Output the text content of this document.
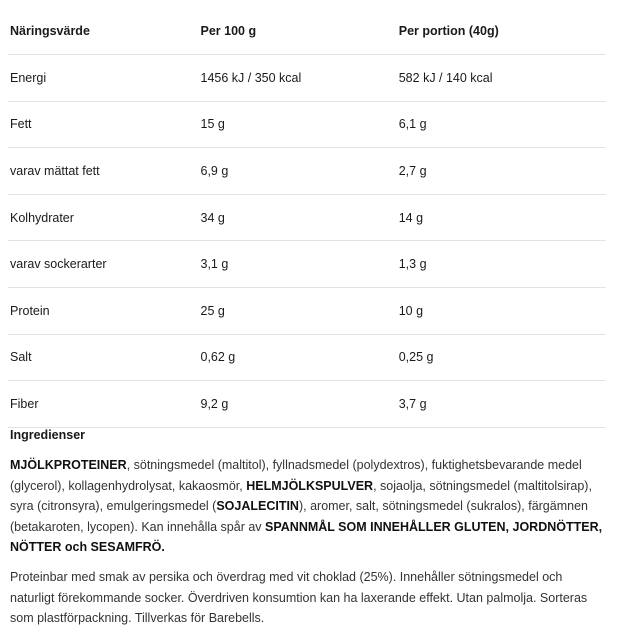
Näringsvärde	Per 100 g	Per portion (40g)
Energi	1456 kJ / 350 kcal	582 kJ / 140 kcal
Fett	15 g	6,1 g
varav mättat fett	6,9 g	2,7 g
Kolhydrater	34 g	14 g
varav sockerarter	3,1 g	1,3 g
Protein	25 g	10 g
Salt	0,62 g	0,25 g
Fiber	9,2 g	3,7 g
Ingredienser

MJÖLKPROTEINER, sötningsmedel (maltitol), fyllnadsmedel (polydextros), fuktighetsbevarande medel (glycerol), kollagenhydrolysat, kakaosmör, HELMJÖLKSPULVER, sojaolja, sötningsmedel (maltitolsirap), syra (citronsyra), emulgeringsmedel (SOJALECITIN), aromer, salt, sötningsmedel (sukralos), färgämnen (betakaroten, lycopen). Kan innehålla spår av SPANNMÅL SOM INNEHÅLLER GLUTEN, JORDNÖTTER, NÖTTER och SESAMFRÖ.

Proteinbar med smak av persika och överdrag med vit choklad (25%). Innehåller sötningsmedel och naturligt förekommande socker. Överdriven konsumtion kan ha laxerande effekt. Utan palmolja. Sorteras som plastförpackning. Tillverkas för Barebells.
